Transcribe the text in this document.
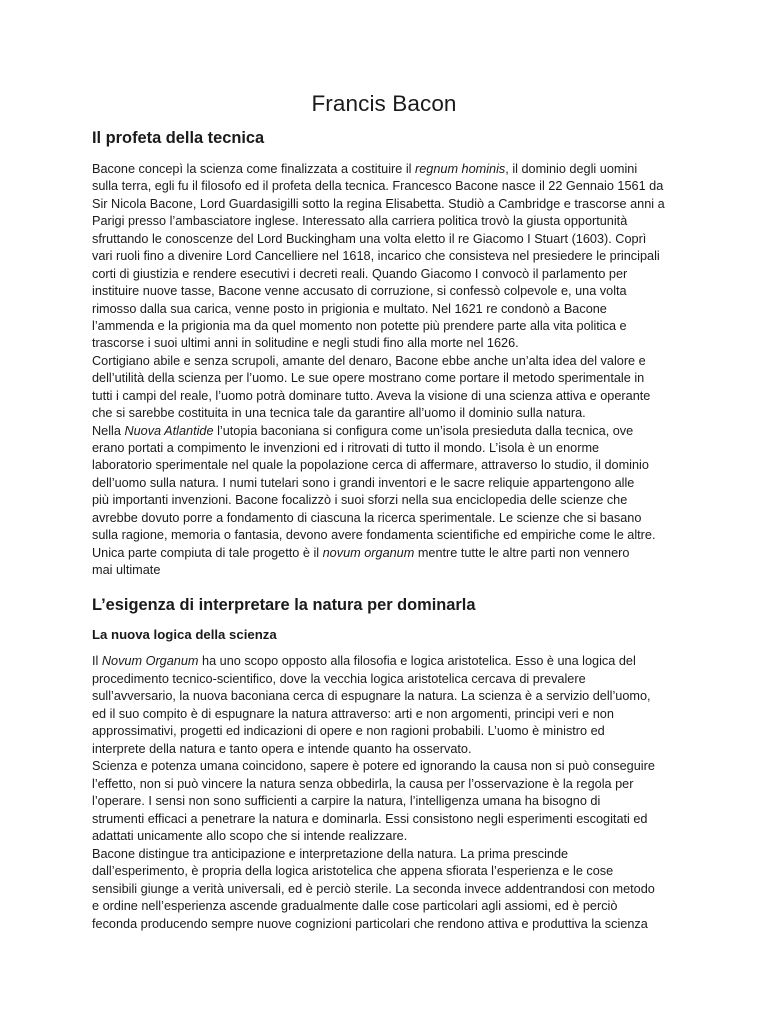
Francis Bacon
Il profeta della tecnica
Bacone concepì la scienza come finalizzata a costituire il regnum hominis, il dominio degli uomini
sulla terra, egli fu il filosofo ed il profeta della tecnica. Francesco Bacone nasce il 22 Gennaio 1561 da
Sir Nicola Bacone, Lord Guardasigilli sotto la regina Elisabetta. Studiò a Cambridge e trascorse anni a
Parigi presso l’ambasciatore inglese. Interessato alla carriera politica trovò la giusta opportunità
sfruttando le conoscenze del Lord Buckingham una volta eletto il re Giacomo I Stuart (1603). Coprì
vari ruoli fino a divenire Lord Cancelliere nel 1618, incarico che consisteva nel presiedere le principali
corti di giustizia e rendere esecutivi i decreti reali. Quando Giacomo I convocò il parlamento per
instituire nuove tasse, Bacone venne accusato di corruzione, si confessò colpevole e, una volta
rimosso dalla sua carica, venne posto in prigionia e multato. Nel 1621 re condonò a Bacone
l’ammenda e la prigionia ma da quel momento non potette più prendere parte alla vita politica e
trascorse i suoi ultimi anni in solitudine e negli studi fino alla morte nel 1626.
Cortigiano abile e senza scrupoli, amante del denaro, Bacone ebbe anche un’alta idea del valore e
dell’utilità della scienza per l’uomo. Le sue opere mostrano come portare il metodo sperimentale in
tutti i campi del reale, l’uomo potrà dominare tutto. Aveva la visione di una scienza attiva e operante
che si sarebbe costituita in una tecnica tale da garantire all’uomo il dominio sulla natura.
Nella Nuova Atlantide l’utopia baconiana si configura come un’isola presieduta dalla tecnica, ove
erano portati a compimento le invenzioni ed i ritrovati di tutto il mondo. L’isola è un enorme
laboratorio sperimentale nel quale la popolazione cerca di affermare, attraverso lo studio, il dominio
dell’uomo sulla natura. I numi tutelari sono i grandi inventori e le sacre reliquie appartengono alle
più importanti invenzioni. Bacone focalizzò i suoi sforzi nella sua enciclopedia delle scienze che
avrebbe dovuto porre a fondamento di ciascuna la ricerca sperimentale. Le scienze che si basano
sulla ragione, memoria o fantasia, devono avere fondamenta scientifiche ed empiriche come le altre.
Unica parte compiuta di tale progetto è il novum organum mentre tutte le altre parti non vennero
mai ultimate
L’esigenza di interpretare la natura per dominarla
La nuova logica della scienza
Il Novum Organum ha uno scopo opposto alla filosofia e logica aristotelica. Esso è una logica del
procedimento tecnico-scientifico, dove la vecchia logica aristotelica cercava di prevalere
sull’avversario, la nuova baconiana cerca di espugnare la natura. La scienza è a servizio dell’uomo,
ed il suo compito è di espugnare la natura attraverso: arti e non argomenti, principi veri e non
approssimativi, progetti ed indicazioni di opere e non ragioni probabili. L’uomo è ministro ed
interprete della natura e tanto opera e intende quanto ha osservato.
Scienza e potenza umana coincidono, sapere è potere ed ignorando la causa non si può conseguire
l’effetto, non si può vincere la natura senza obbedirla, la causa per l’osservazione è la regola per
l’operare. I sensi non sono sufficienti a carpire la natura, l’intelligenza umana ha bisogno di
strumenti efficaci a penetrare la natura e dominarla. Essi consistono negli esperimenti escogitati ed
adattati unicamente allo scopo che si intende realizzare.
Bacone distingue tra anticipazione e interpretazione della natura. La prima prescinde
dall’esperimento, è propria della logica aristotelica che appena sfiorata l’esperienza e le cose
sensibili giunge a verità universali, ed è perciò sterile. La seconda invece addentrandosi con metodo
e ordine nell’esperienza ascende gradualmente dalle cose particolari agli assiomi, ed è perciò
feconda producendo sempre nuove cognizioni particolari che rendono attiva e produttiva la scienza
